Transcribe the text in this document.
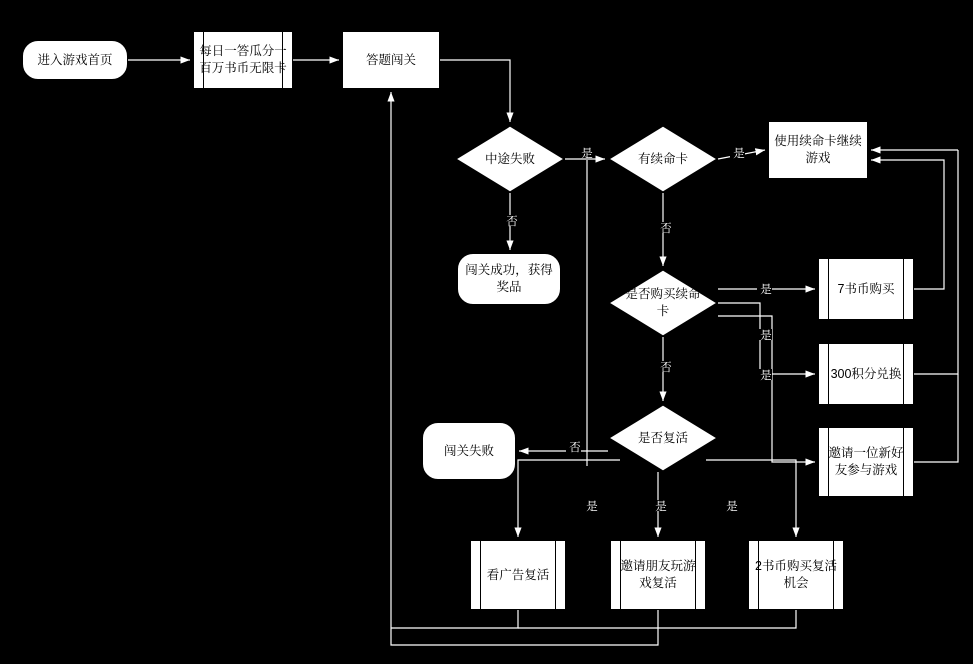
进入游戏首页
每日一答瓜分一百万书币无限卡
答题闯关
使用续命卡继续游戏
闯关成功，获得奖品	7书币购买
300积分兑换
邀请一位新好友参与游戏
闯关失败
看广告复活
邀请朋友玩游戏复活
2书币购买复活机会
中途失败	有续命卡
是否购买续命卡
是否复活
是	是
否
否
是
是
是
否
否
是	是	是
